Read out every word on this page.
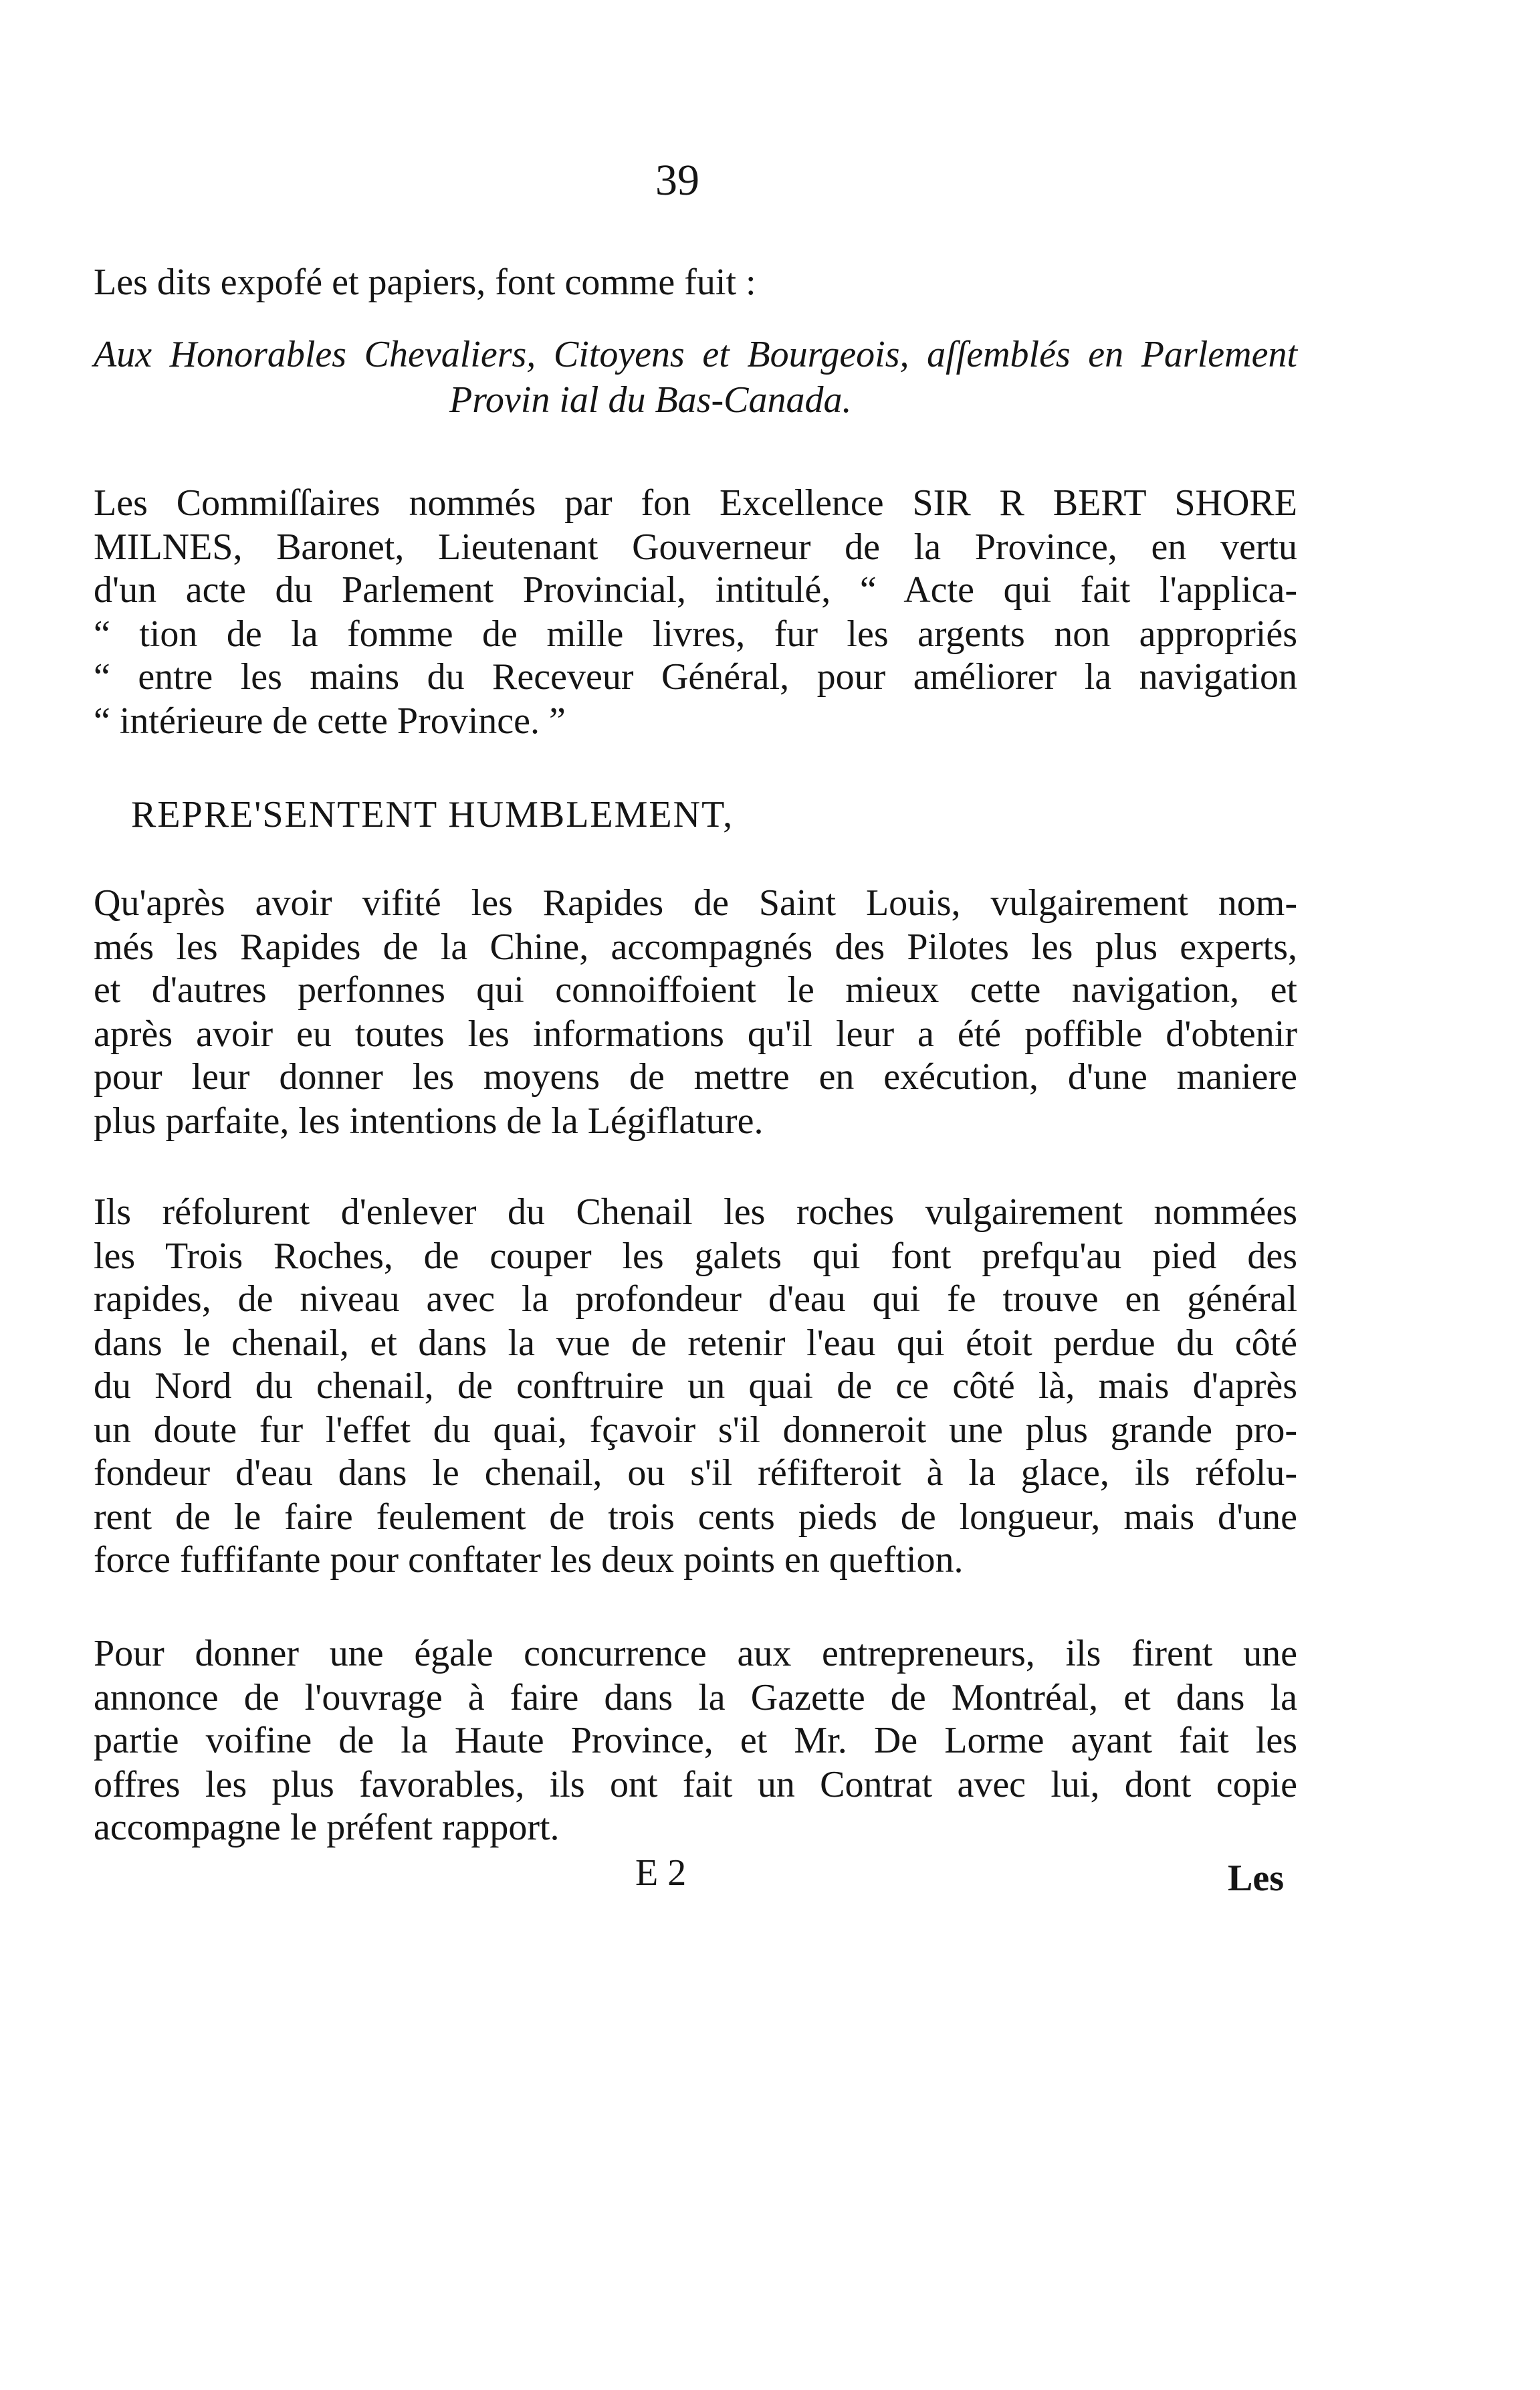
39
Les dits expofé et papiers, font comme fuit :
Aux Honorables Chevaliers, Citoyens et Bourgeois, aſſemblés en Parlement
Provin ial du Bas-Canada.
Les Commiſſaires nommés par fon Excellence SIR R BERT SHORE
MILNES, Baronet, Lieutenant Gouverneur de la Province, en vertu
d'un acte du Parlement Provincial, intitulé, “ Acte qui fait l'applica-
“ tion de la fomme de mille livres, fur les argents non appropriés
“ entre les mains du Receveur Général, pour améliorer la navigation
“ intérieure de cette Province. ”
REPRE'SENTENT HUMBLEMENT,
Qu'après avoir vifité les Rapides de Saint Louis, vulgairement nom-
més les Rapides de la Chine, accompagnés des Pilotes les plus experts,
et d'autres perfonnes qui connoiffoient le mieux cette navigation, et
après avoir eu toutes les informations qu'il leur a été poffible d'obtenir
pour leur donner les moyens de mettre en exécution, d'une maniere
plus parfaite, les intentions de la Légiflature.
Ils réfolurent d'enlever du Chenail les roches vulgairement nommées
les Trois Roches, de couper les galets qui font prefqu'au pied des
rapides, de niveau avec la profondeur d'eau qui fe trouve en général
dans le chenail, et dans la vue de retenir l'eau qui étoit perdue du côté
du Nord du chenail, de conftruire un quai de ce côté là, mais d'après
un doute fur l'effet du quai, fçavoir s'il donneroit une plus grande pro-
fondeur d'eau dans le chenail, ou s'il réfifteroit à la glace, ils réfolu-
rent de le faire feulement de trois cents pieds de longueur, mais d'une
force fuffifante pour conftater les deux points en queftion.
Pour donner une égale concurrence aux entrepreneurs, ils firent une
annonce de l'ouvrage à faire dans la Gazette de Montréal, et dans la
partie voifine de la Haute Province, et Mr. De Lorme ayant fait les
offres les plus favorables, ils ont fait un Contrat avec lui, dont copie
accompagne le préfent rapport.
E 2	Les
